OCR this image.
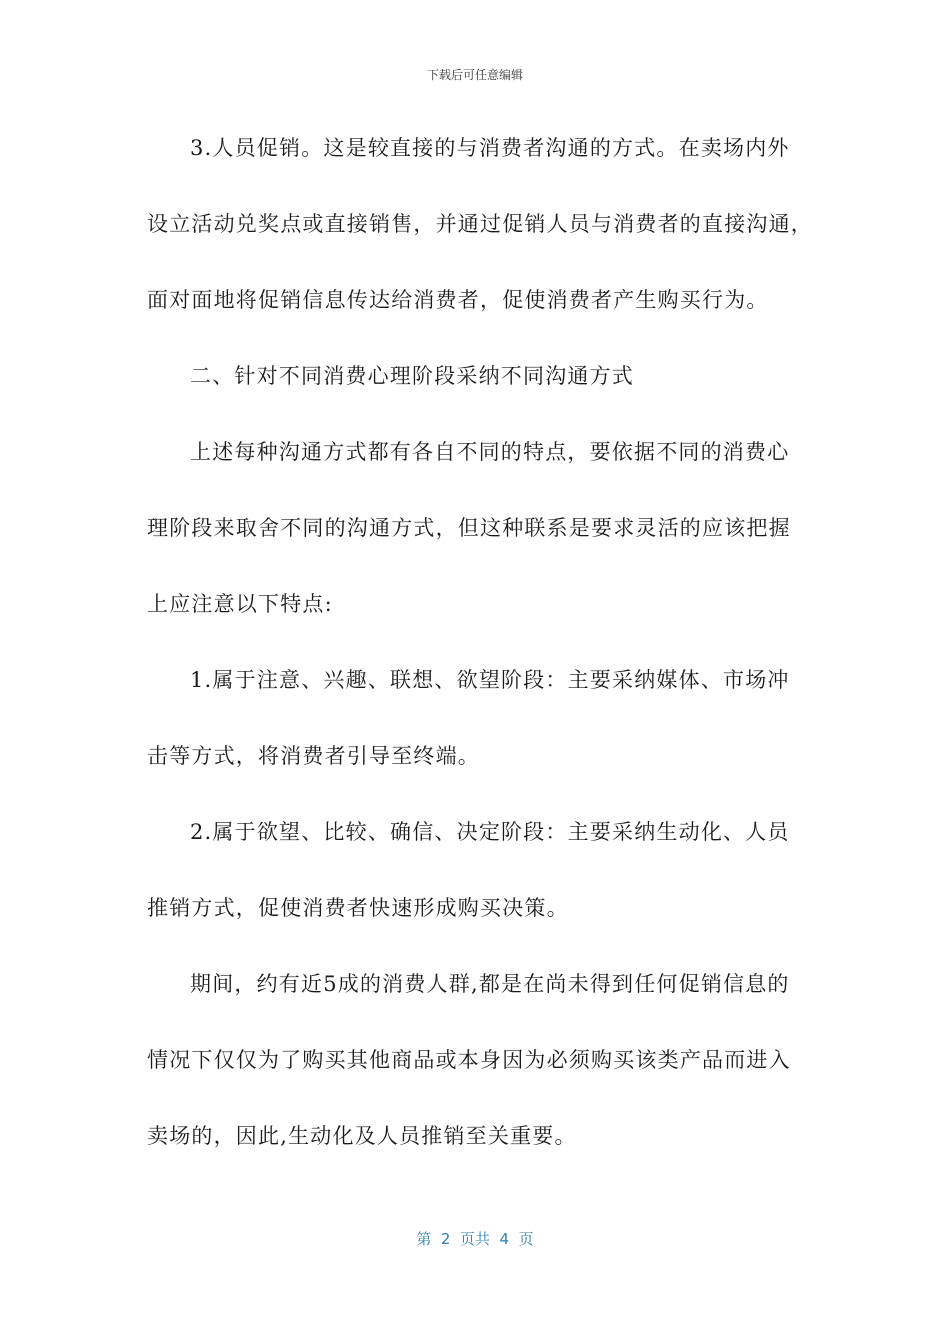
下载后可任意编辑
3.人员促销。这是较直接的与消费者沟通的方式。在卖场内外
设立活动兑奖点或直接销售，并通过促销人员与消费者的直接沟通，
面对面地将促销信息传达给消费者，促使消费者产生购买行为。
二、针对不同消费心理阶段采纳不同沟通方式
上述每种沟通方式都有各自不同的特点，要依据不同的消费心
理阶段来取舍不同的沟通方式，但这种联系是要求灵活的应该把握
上应注意以下特点:
1.属于注意、兴趣、联想、欲望阶段：主要采纳媒体、市场冲
击等方式，将消费者引导至终端。
2.属于欲望、比较、确信、决定阶段：主要采纳生动化、人员
推销方式，促使消费者快速形成购买决策。
期间，约有近5成的消费人群,都是在尚未得到任何促销信息的
情况下仅仅为了购买其他商品或本身因为必须购买该类产品而进入
卖场的，因此,生动化及人员推销至关重要。
第  2  页共  4  页
